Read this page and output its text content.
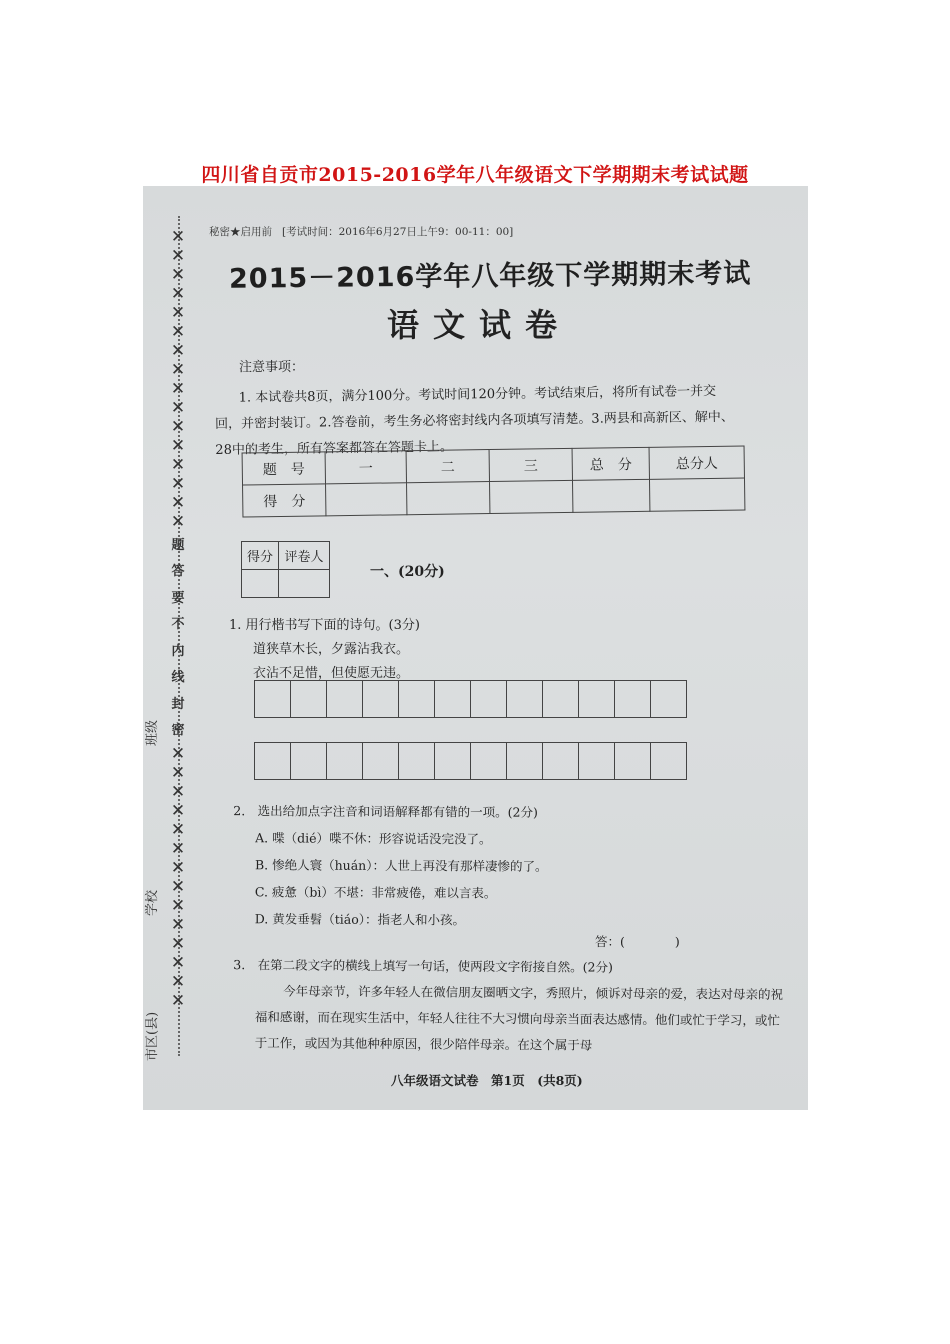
四川省自贡市2015-2016学年八年级语文下学期期末考试试题
✕
✕
✕
✕
✕
✕
✕
✕
✕
✕
✕
✕
✕
✕
✕
✕
题
答
要
不
内
线
封
密
✕
✕
✕
✕
✕
✕
✕
✕
✕
✕
✕
✕
✕
✕
市区(县)
学校
班级
秘密★启用前 [考试时间：2016年6月27日上午9：00-11：00]
2015－2016学年八年级下学期期末考试
语文试卷
注意事项：

1. 本试卷共8页，满分100分。考试时间120分钟。考试结束后，将所有试卷一并交

回，并密封装订。2.答卷前，考生务必将密封线内各项填写清楚。3.两县和高新区、解中、

28中的考生，所有答案都答在答题卡上。

题　号	一	二	三	总　分	总分人
得　分					
得分	评卷人

一、(20分)
1. 用行楷书写下面的诗句。(3分)
道狭草木长，夕露沾我衣。
衣沾不足惜，但使愿无违。
2.　选出给加点字注音和词语解释都有错的一项。(2分)
A. 喋（dié）喋不休：形容说话没完没了。
B. 惨绝人寰（huán）：人世上再没有那样凄惨的了。
C. 疲惫（bì）不堪：非常疲倦，难以言表。
D. 黄发垂髫（tiáo）：指老人和小孩。
答：(　　　　)

3.　在第二段文字的横线上填写一句话，使两段文字衔接自然。(2分)

今年母亲节，许多年轻人在微信朋友圈晒文字，秀照片，倾诉对母亲的爱，表达对母亲的祝福和感谢，而在现实生活中，年轻人往往不大习惯向母亲当面表达感情。他们或忙于学习，或忙于工作，或因为其他种种原因，很少陪伴母亲。在这个属于母

八年级语文试卷　第1页　(共8页)
